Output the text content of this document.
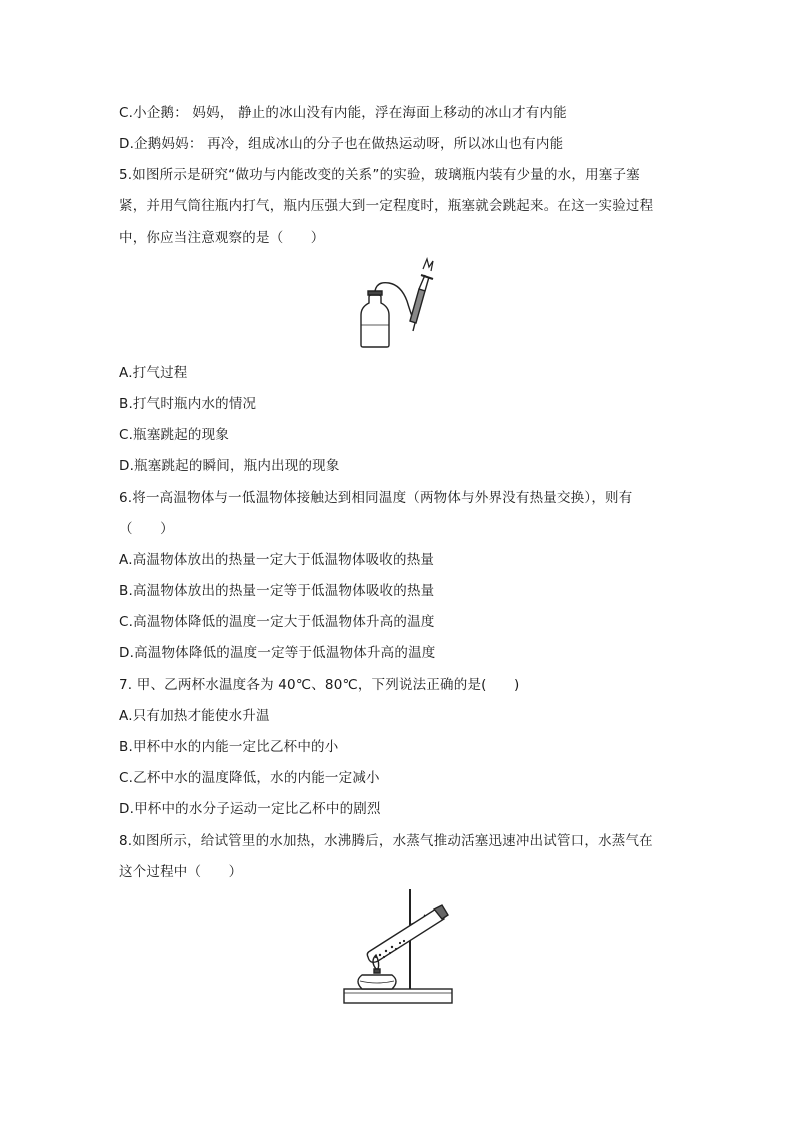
C.小企鹅： 妈妈， 静止的冰山没有内能，浮在海面上移动的冰山才有内能
D.企鹅妈妈： 再冷，组成冰山的分子也在做热运动呀，所以冰山也有内能
5.如图所示是研究“做功与内能改变的关系”的实验，玻璃瓶内装有少量的水，用塞子塞
紧，并用气筒往瓶内打气，瓶内压强大到一定程度时，瓶塞就会跳起来。在这一实验过程
中，你应当注意观察的是（　　）
A.打气过程
B.打气时瓶内水的情况
C.瓶塞跳起的现象
D.瓶塞跳起的瞬间，瓶内出现的现象
6.将一高温物体与一低温物体接触达到相同温度（两物体与外界没有热量交换），则有
（　　）
A.高温物体放出的热量一定大于低温物体吸收的热量
B.高温物体放出的热量一定等于低温物体吸收的热量
C.高温物体降低的温度一定大于低温物体升高的温度
D.高温物体降低的温度一定等于低温物体升高的温度
7. 甲、乙两杯水温度各为 40℃、80℃，下列说法正确的是(　　)
A.只有加热才能使水升温
B.甲杯中水的内能一定比乙杯中的小
C.乙杯中水的温度降低，水的内能一定减小
D.甲杯中的水分子运动一定比乙杯中的剧烈
8.如图所示，给试管里的水加热，水沸腾后，水蒸气推动活塞迅速冲出试管口，水蒸气在
这个过程中（　　）
